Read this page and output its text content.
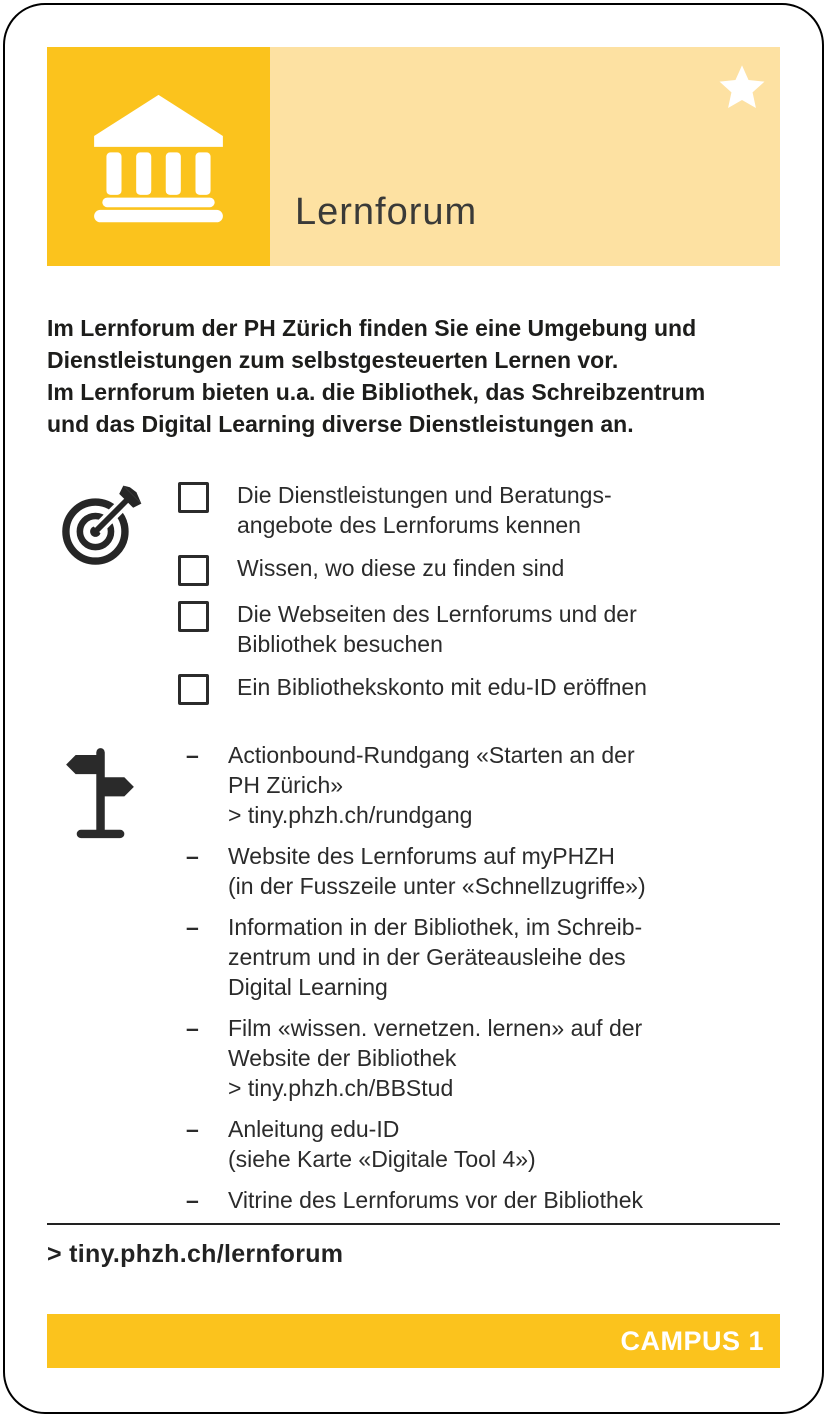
Lernforum
Im Lernforum der PH Zürich finden Sie eine Umgebung und
Dienstleistungen zum selbstgesteuerten Lernen vor.
Im Lernforum bieten u.a. die Bibliothek, das Schreibzentrum
und das Digital Learning diverse Dienstleistungen an.
Die Dienstleistungen und Beratungs-
angebote des Lernforums kennen
Wissen, wo diese zu finden sind
Die Webseiten des Lernforums und der
Bibliothek besuchen
Ein Bibliothekskonto mit edu-ID eröffnen
–	Actionbound-Rundgang «Starten an der
PH Zürich»
> tiny.phzh.ch/rundgang
–	Website des Lernforums auf myPHZH
(in der Fusszeile unter «Schnellzugriffe»)
–	Information in der Bibliothek, im Schreib-
zentrum und in der Geräteausleihe des
Digital Learning
–	Film «wissen. vernetzen. lernen» auf der
Website der Bibliothek
> tiny.phzh.ch/BBStud
–	Anleitung edu-ID
(siehe Karte «Digitale Tool 4»)
–	Vitrine des Lernforums vor der Bibliothek
> tiny.phzh.ch/lernforum
CAMPUS 1
